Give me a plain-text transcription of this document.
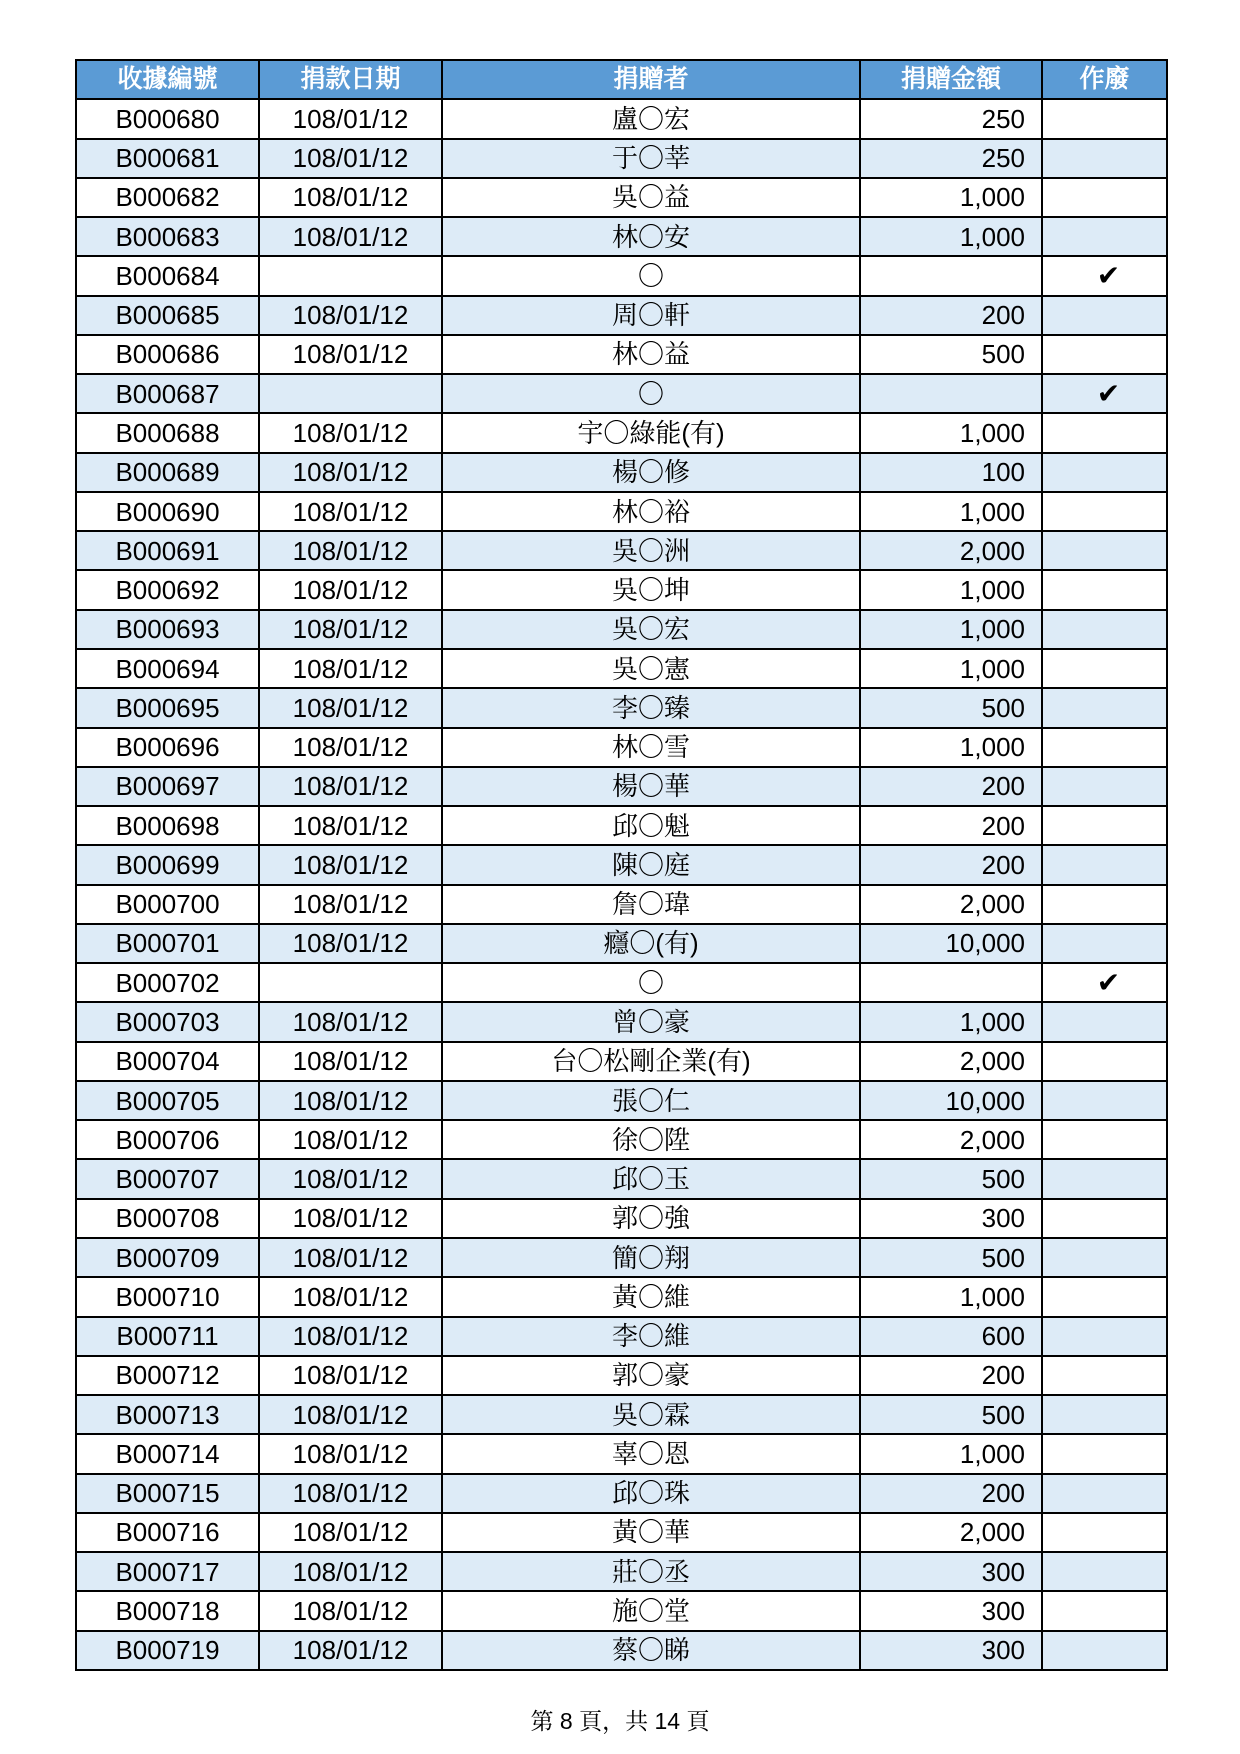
收據編號	捐款日期	捐贈者	捐贈金額	作廢
B000680	108/01/12	盧〇宏	250	
B000681	108/01/12	于〇莘	250	
B000682	108/01/12	吳〇益	1,000	
B000683	108/01/12	林〇安	1,000	
B000684		〇		✔
B000685	108/01/12	周〇軒	200	
B000686	108/01/12	林〇益	500	
B000687		〇		✔
B000688	108/01/12	宇〇綠能(有)	1,000	
B000689	108/01/12	楊〇修	100	
B000690	108/01/12	林〇裕	1,000	
B000691	108/01/12	吳〇洲	2,000	
B000692	108/01/12	吳〇坤	1,000	
B000693	108/01/12	吳〇宏	1,000	
B000694	108/01/12	吳〇憲	1,000	
B000695	108/01/12	李〇臻	500	
B000696	108/01/12	林〇雪	1,000	
B000697	108/01/12	楊〇華	200	
B000698	108/01/12	邱〇魁	200	
B000699	108/01/12	陳〇庭	200	
B000700	108/01/12	詹〇瑋	2,000	
B000701	108/01/12	癮〇(有)	10,000	
B000702		〇		✔
B000703	108/01/12	曾〇豪	1,000	
B000704	108/01/12	台〇松剛企業(有)	2,000	
B000705	108/01/12	張〇仁	10,000	
B000706	108/01/12	徐〇陞	2,000	
B000707	108/01/12	邱〇玉	500	
B000708	108/01/12	郭〇強	300	
B000709	108/01/12	簡〇翔	500	
B000710	108/01/12	黃〇維	1,000	
B000711	108/01/12	李〇維	600	
B000712	108/01/12	郭〇豪	200	
B000713	108/01/12	吳〇霖	500	
B000714	108/01/12	辜〇恩	1,000	
B000715	108/01/12	邱〇珠	200	
B000716	108/01/12	黃〇華	2,000	
B000717	108/01/12	莊〇丞	300	
B000718	108/01/12	施〇堂	300	
B000719	108/01/12	蔡〇睇	300	
第 8 頁，共 14 頁
